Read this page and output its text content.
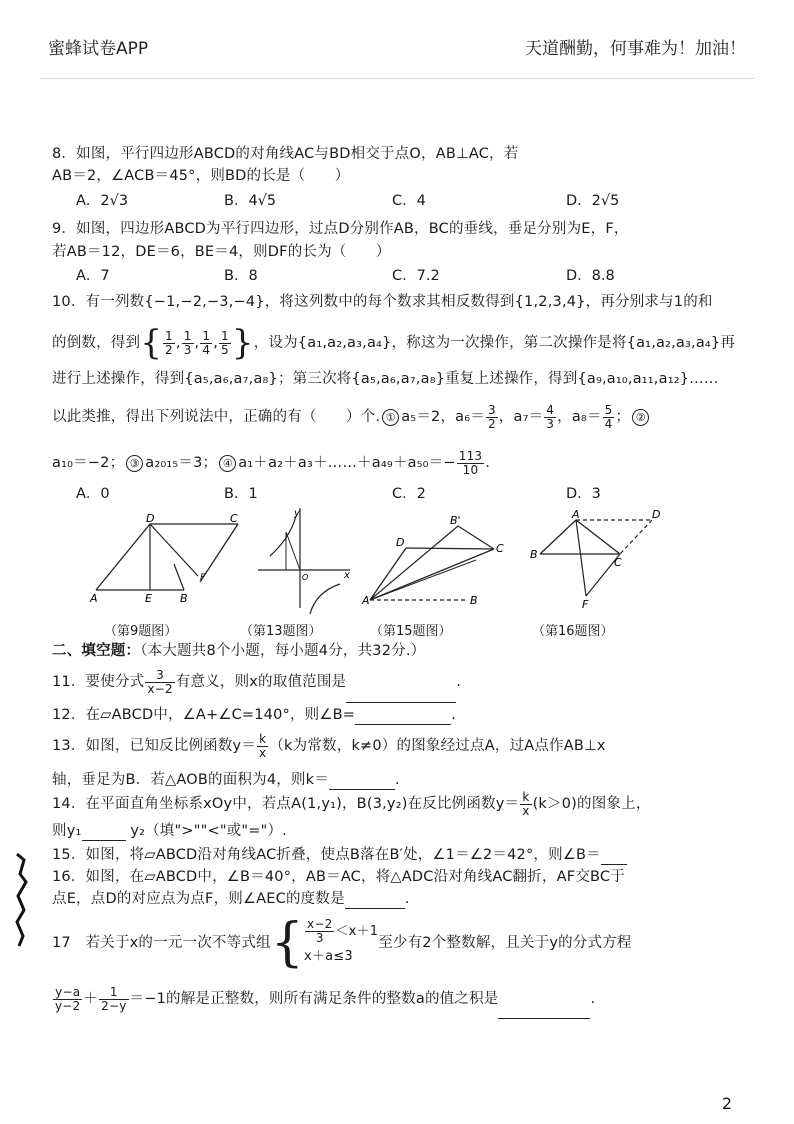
蜜蜂试卷APP	天道酬勤，何事难为！加油！
8．如图，平行四边形ABCD的对角线AC与BD相交于点O，AB⊥AC，若
AB＝2，∠ACB＝45°，则BD的长是（　　）
A．2√3	B．4√5	C．4	D．2√5
9．如图，四边形ABCD为平行四边形，过点D分别作AB，BC的垂线，垂足分别为E，F，
若AB＝12，DE＝6，BE＝4，则DF的长为（　　）
A．7	B．8	C．7.2	D．8.8
10．有一列数{−1,−2,−3,−4}，将这列数中的每个数求其相反数得到{1,2,3,4}，再分别求与1的和
的倒数，得到{ $\frac{1}{2}$ , $\frac{1}{3}$ , $\frac{1}{4}$ , $\frac{1}{5}$ }，设为{a₁,a₂,a₃,a₄}，称这为一次操作，第二次操作是将{a₁,a₂,a₃,a₄}再
进行上述操作，得到{a₅,a₆,a₇,a₈}；第三次将{a₅,a₆,a₇,a₈}重复上述操作，得到{a₉,a₁₀,a₁₁,a₁₂}……
以此类推，得出下列说法中，正确的有（　　）个. ① a₅＝2，$a_6= \frac{3}{2}$ ，$a_7= \frac{4}{3}$ ，$a_8= \frac{5}{4}$ ； ②
a₁₀＝−2； ③ a₂₀₁₅＝3； ④ a₁＋a₂＋a₃＋……＋a₄₉＋a₅₀＝− $\frac{113}{10}$ .
A．0	B．1	C．2	D．3
D	C
A	E	B
F
（第9题图）
y
x
O
（第13题图）
B'
D	C
A	B
（第15题图）
A	D
B
C
F
（第16题图）
二、填空题：（本大题共8个小题，每小题4分，共32分.）
11．要使分式 $\frac{3}{x-2}$ 有意义，则x的取值范围是	.
12．在▱ABCD中，∠A+∠C=140°，则∠B=	.
13．如图，已知反比例函数$y= \frac{k}{x} (k$为常数，k≠0）的图象经过点A，过A点作AB⊥x
轴，垂足为B．若△AOB的面积为4，则k＝	.
14．在平面直角坐标系xOy中，若点A(1,y₁)，B(3,y₂)在反比例函数$y= \frac{k}{x} (k>0)$的图象上，
则y₁	y₂（填">""<"或"="）.
15．如图，将▱ABCD沿对角线AC折叠，使点B落在B′处，∠1＝∠2＝42°，则∠B＝
16．如图，在▱ABCD中，∠B＝40°，AB＝AC，将△ADC沿对角线AC翻折，AF交BC于
点E，点D的对应点为点F，则∠AEC的度数是	.
17　若关于x的一元一次不等式组{ $\frac{x-2}{3} <x+1$
x＋a≤3
至少有2个整数解，且关于y的分式方程
$\frac{y-a}{y-2} + \frac{1}{2-y} =-1$的解是正整数，则所有满足条件的整数a的值之积是	.
2
